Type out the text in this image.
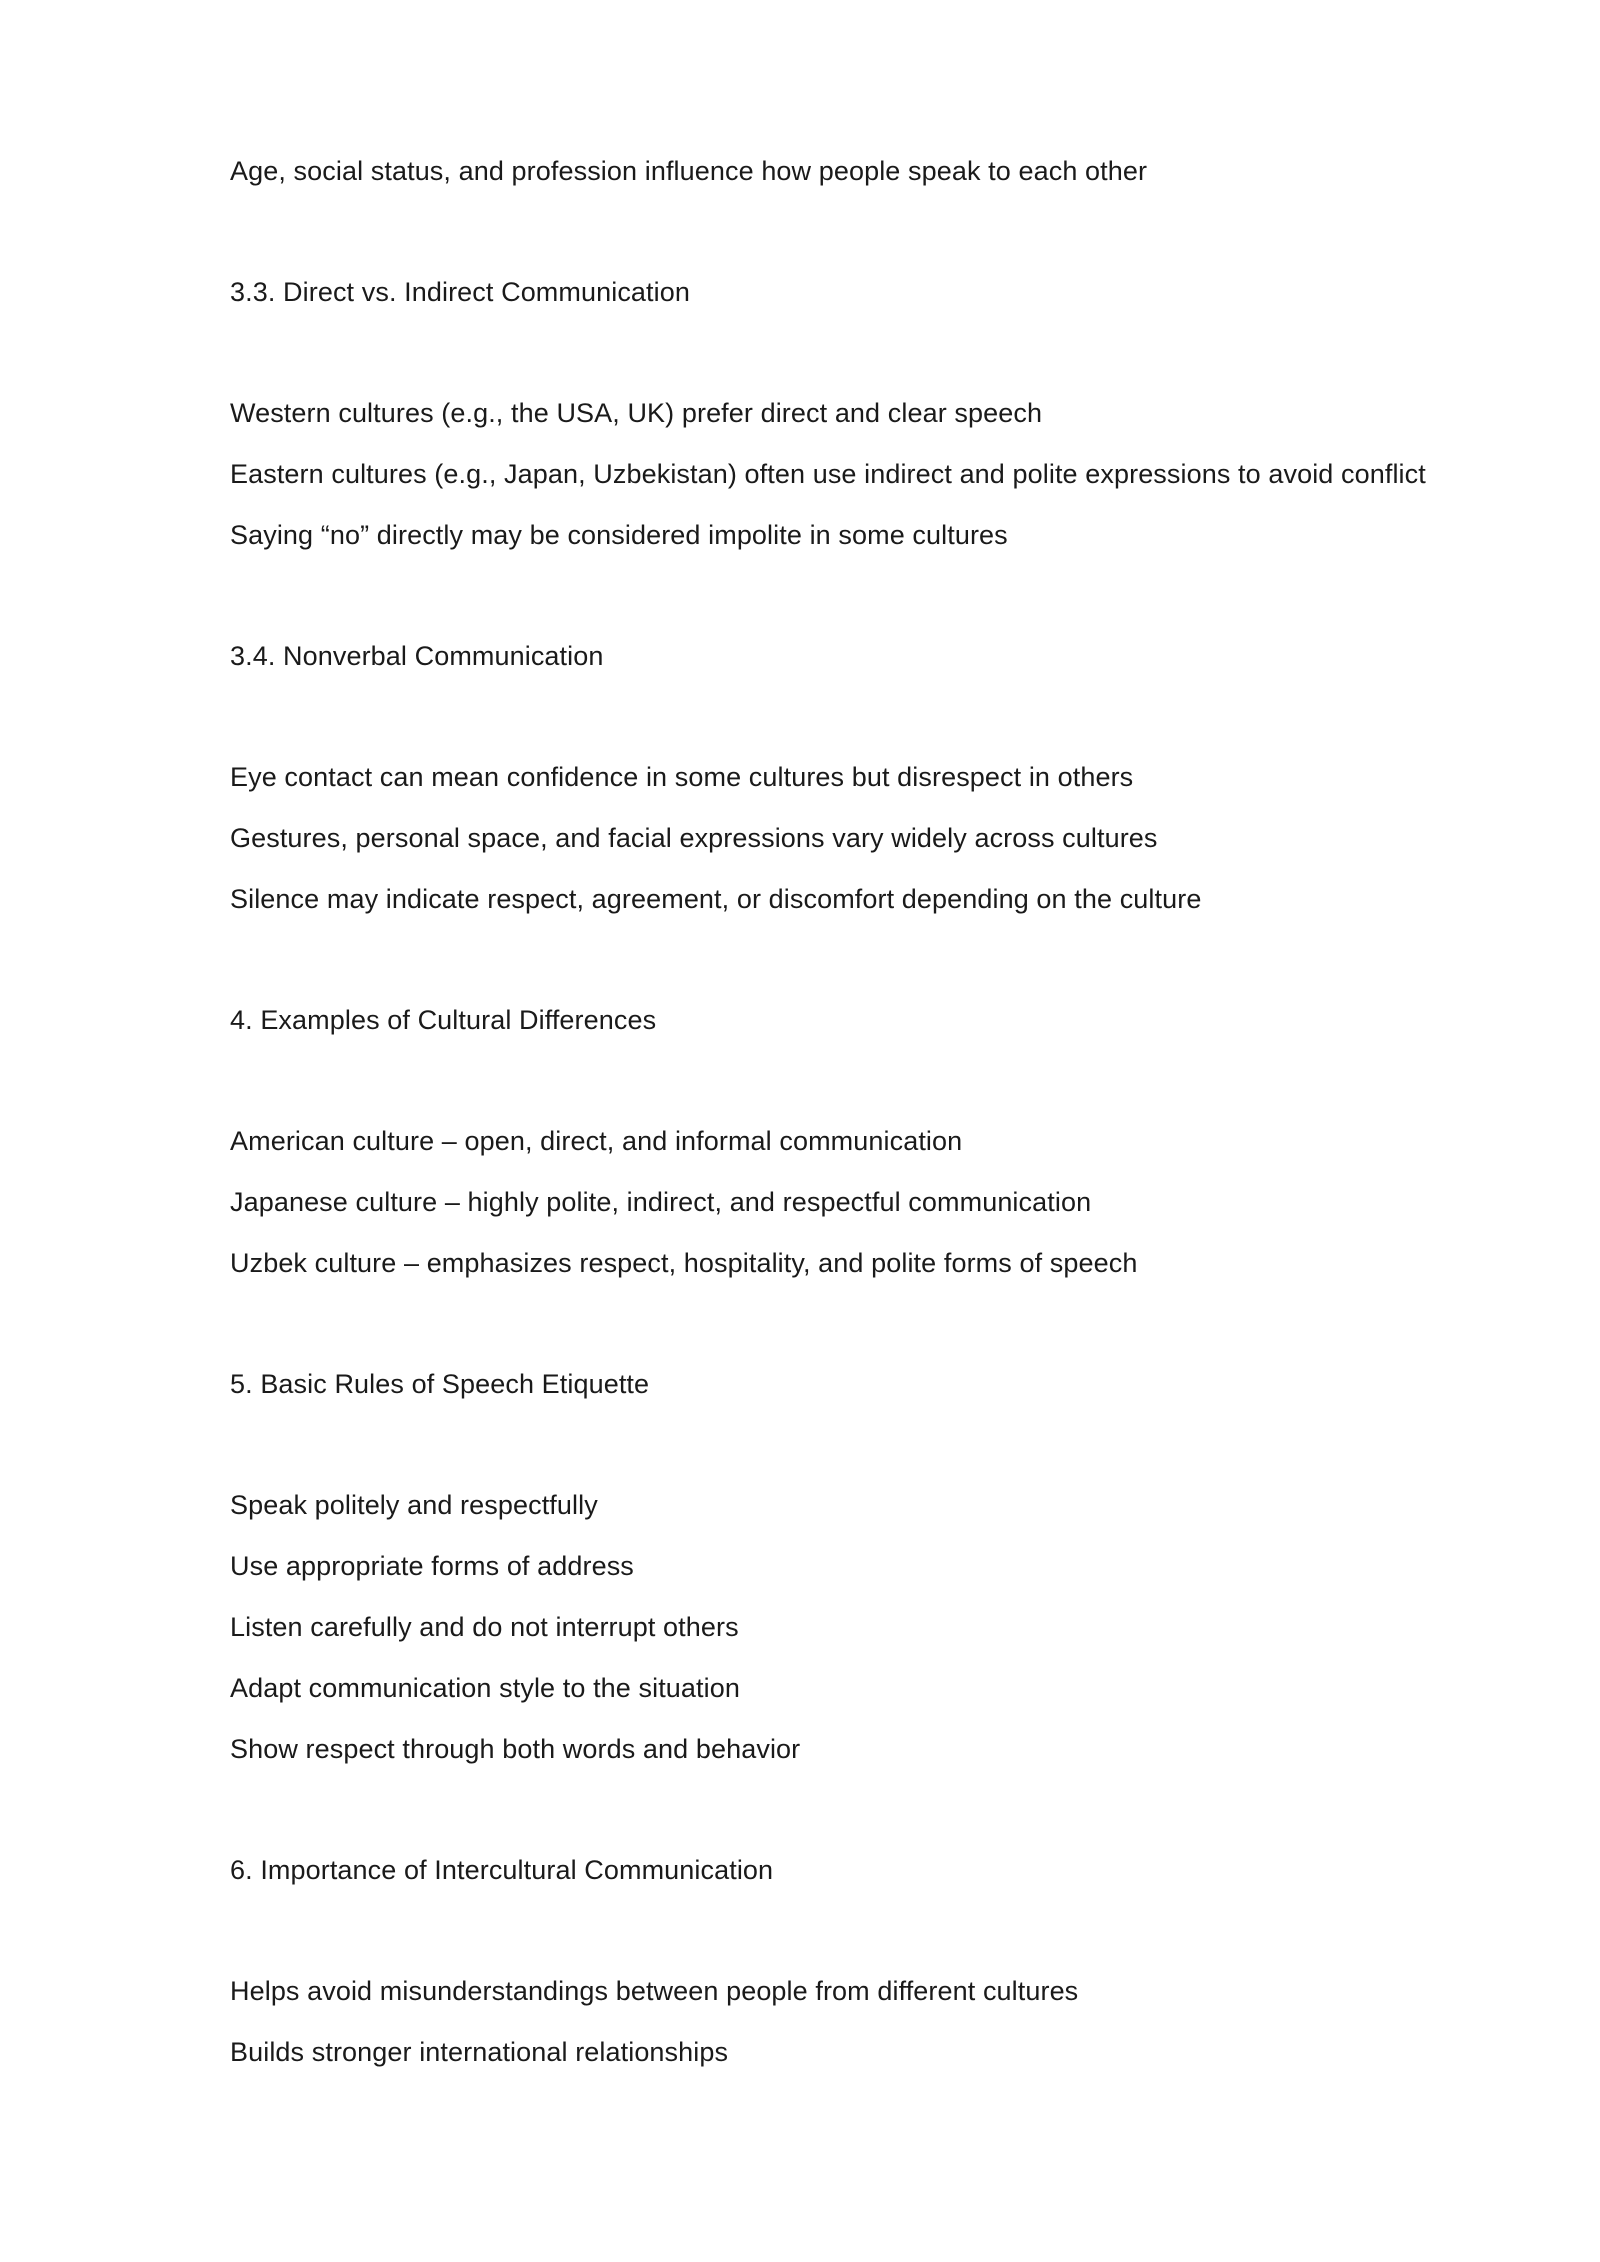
Age, social status, and profession influence how people speak to each other

3.3. Direct vs. Indirect Communication

Western cultures (e.g., the USA, UK) prefer direct and clear speech

Eastern cultures (e.g., Japan, Uzbekistan) often use indirect and polite expressions to avoid conflict

Saying “no” directly may be considered impolite in some cultures

3.4. Nonverbal Communication

Eye contact can mean confidence in some cultures but disrespect in others

Gestures, personal space, and facial expressions vary widely across cultures

Silence may indicate respect, agreement, or discomfort depending on the culture

4. Examples of Cultural Differences

American culture – open, direct, and informal communication

Japanese culture – highly polite, indirect, and respectful communication

Uzbek culture – emphasizes respect, hospitality, and polite forms of speech

5. Basic Rules of Speech Etiquette

Speak politely and respectfully

Use appropriate forms of address

Listen carefully and do not interrupt others

Adapt communication style to the situation

Show respect through both words and behavior

6. Importance of Intercultural Communication

Helps avoid misunderstandings between people from different cultures

Builds stronger international relationships
